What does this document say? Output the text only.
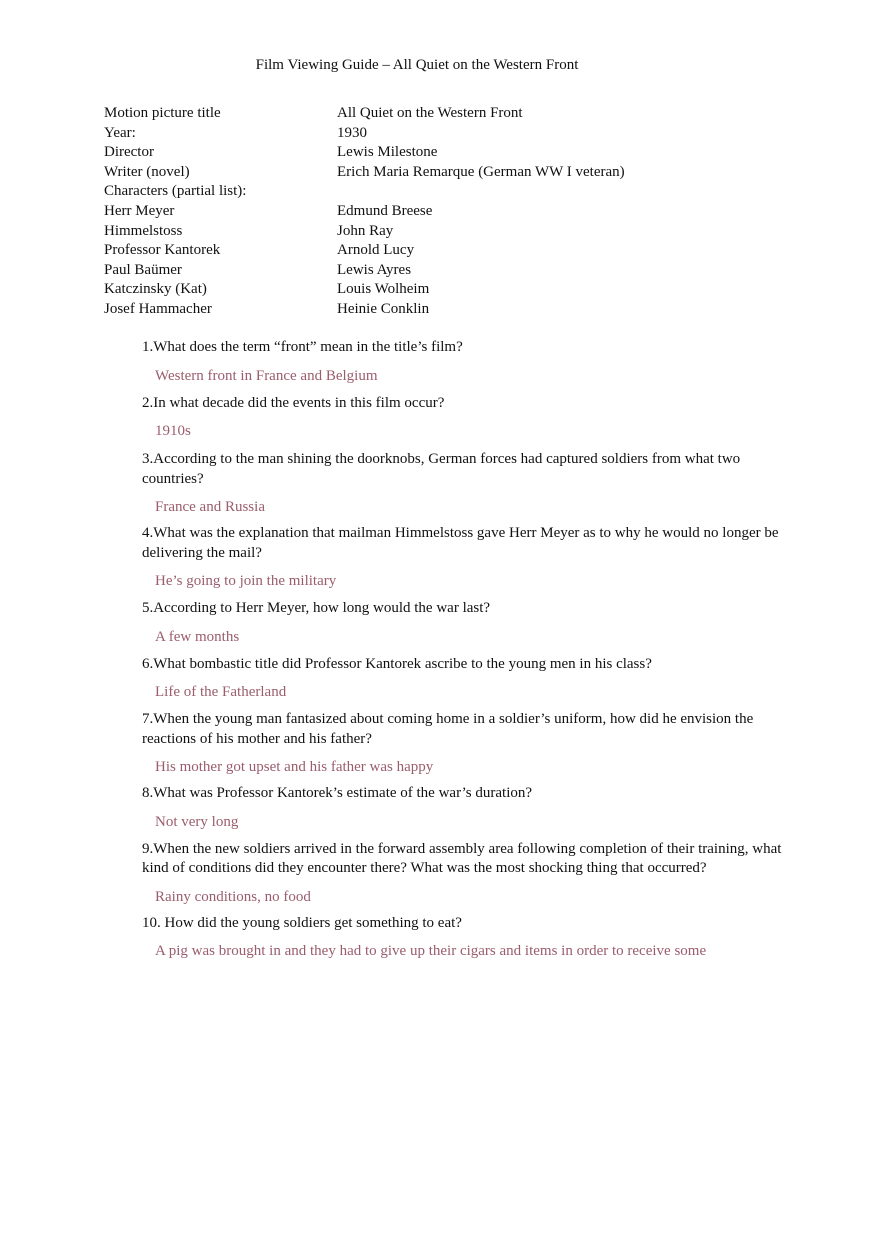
Film Viewing Guide – All Quiet on the Western Front
Motion picture title	All Quiet on the Western Front
Year:	1930
Director	Lewis Milestone
Writer (novel)	Erich Maria Remarque (German WW I veteran)
Characters (partial list):
Herr Meyer	Edmund Breese
Himmelstoss	John Ray
Professor Kantorek	Arnold Lucy
Paul Baümer	Lewis Ayres
Katczinsky (Kat)	Louis Wolheim
Josef Hammacher	Heinie Conklin

1.What does the term “front” mean in the title’s film?

Western front in France and Belgium

2.In what decade did the events in this film occur?

1910s

3.According to the man shining the doorknobs, German forces had captured soldiers from what two countries?

France and Russia

4.What was the explanation that mailman Himmelstoss gave Herr Meyer as to why he would no longer be delivering the mail?

He’s going to join the military

5.According to Herr Meyer, how long would the war last?

A few months

6.What bombastic title did Professor Kantorek ascribe to the young men in his class?

Life of the Fatherland

7.When the young man fantasized about coming home in a soldier’s uniform, how did he envision the reactions of his mother and his father?

His mother got upset and his father was happy

8.What was Professor Kantorek’s estimate of the war’s duration?

Not very long

9.When the new soldiers arrived in the forward assembly area following completion of their training, what kind of conditions did they encounter there? What was the most shocking thing that occurred?

Rainy conditions, no food

10. How did the young soldiers get something to eat?

A pig was brought in and they had to give up their cigars and items in order to receive some
